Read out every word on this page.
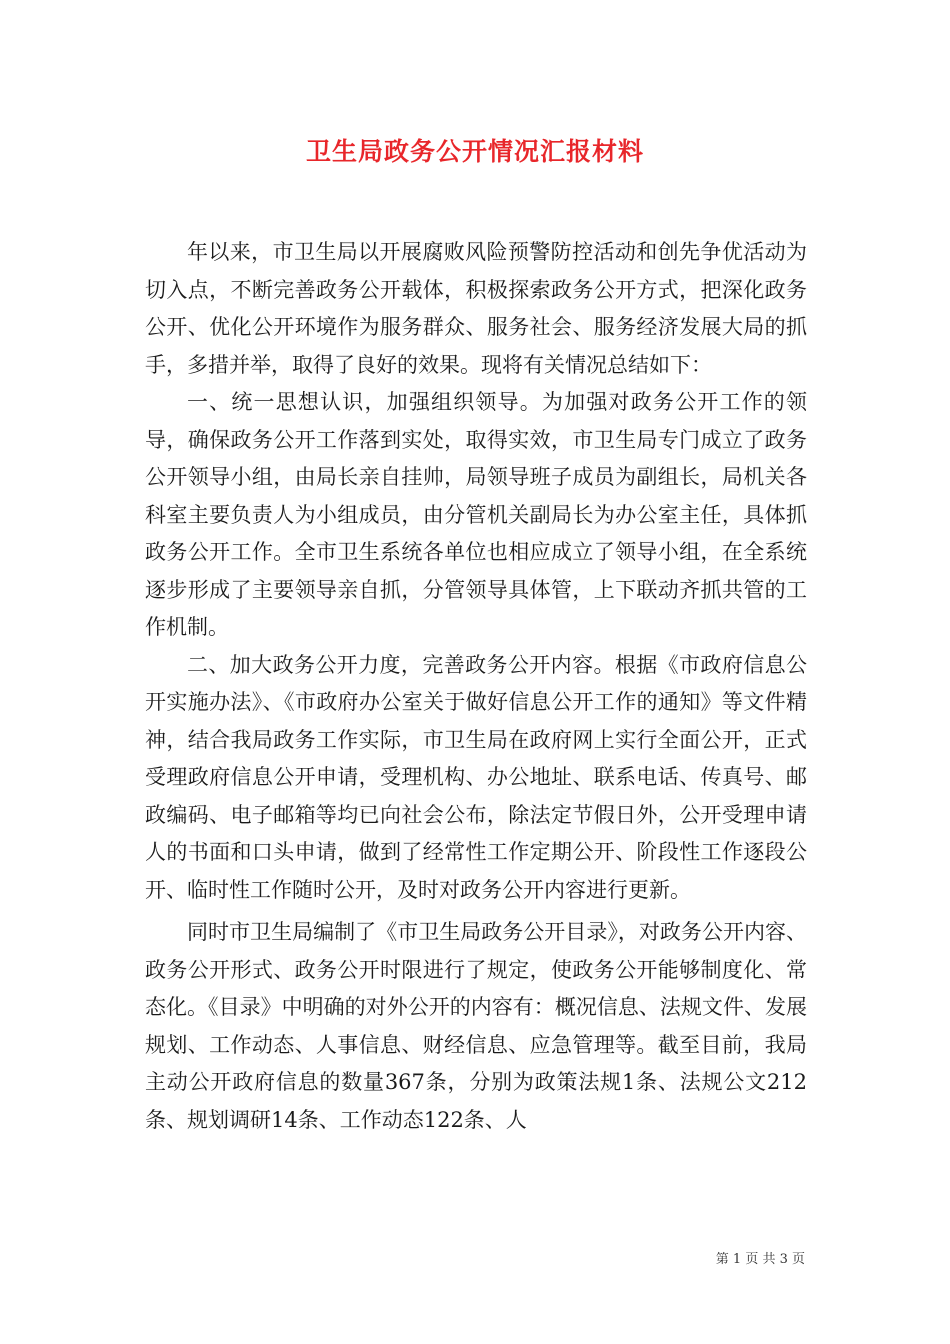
卫生局政务公开情况汇报材料

年以来，市卫生局以开展腐败风险预警防控活动和创先争优活动为切入点，不断完善政务公开载体，积极探索政务公开方式，把深化政务公开、优化公开环境作为服务群众、服务社会、服务经济发展大局的抓手，多措并举，取得了良好的效果。现将有关情况总结如下：

一、统一思想认识，加强组织领导。为加强对政务公开工作的领导，确保政务公开工作落到实处，取得实效，市卫生局专门成立了政务公开领导小组，由局长亲自挂帅，局领导班子成员为副组长，局机关各科室主要负责人为小组成员，由分管机关副局长为办公室主任，具体抓政务公开工作。全市卫生系统各单位也相应成立了领导小组，在全系统逐步形成了主要领导亲自抓，分管领导具体管，上下联动齐抓共管的工作机制。

二、加大政务公开力度，完善政务公开内容。根据《市政府信息公开实施办法》、《市政府办公室关于做好信息公开工作的通知》等文件精神，结合我局政务工作实际，市卫生局在政府网上实行全面公开，正式受理政府信息公开申请，受理机构、办公地址、联系电话、传真号、邮政编码、电子邮箱等均已向社会公布，除法定节假日外，公开受理申请人的书面和口头申请，做到了经常性工作定期公开、阶段性工作逐段公开、临时性工作随时公开，及时对政务公开内容进行更新。

同时市卫生局编制了《市卫生局政务公开目录》，对政务公开内容、政务公开形式、政务公开时限进行了规定，使政务公开能够制度化、常态化。《目录》中明确的对外公开的内容有：概况信息、法规文件、发展规划、工作动态、人事信息、财经信息、应急管理等。截至目前，我局主动公开政府信息的数量367条，分别为政策法规1条、法规公文212条、规划调研14条、工作动态122条、人

第 1 页 共 3 页
